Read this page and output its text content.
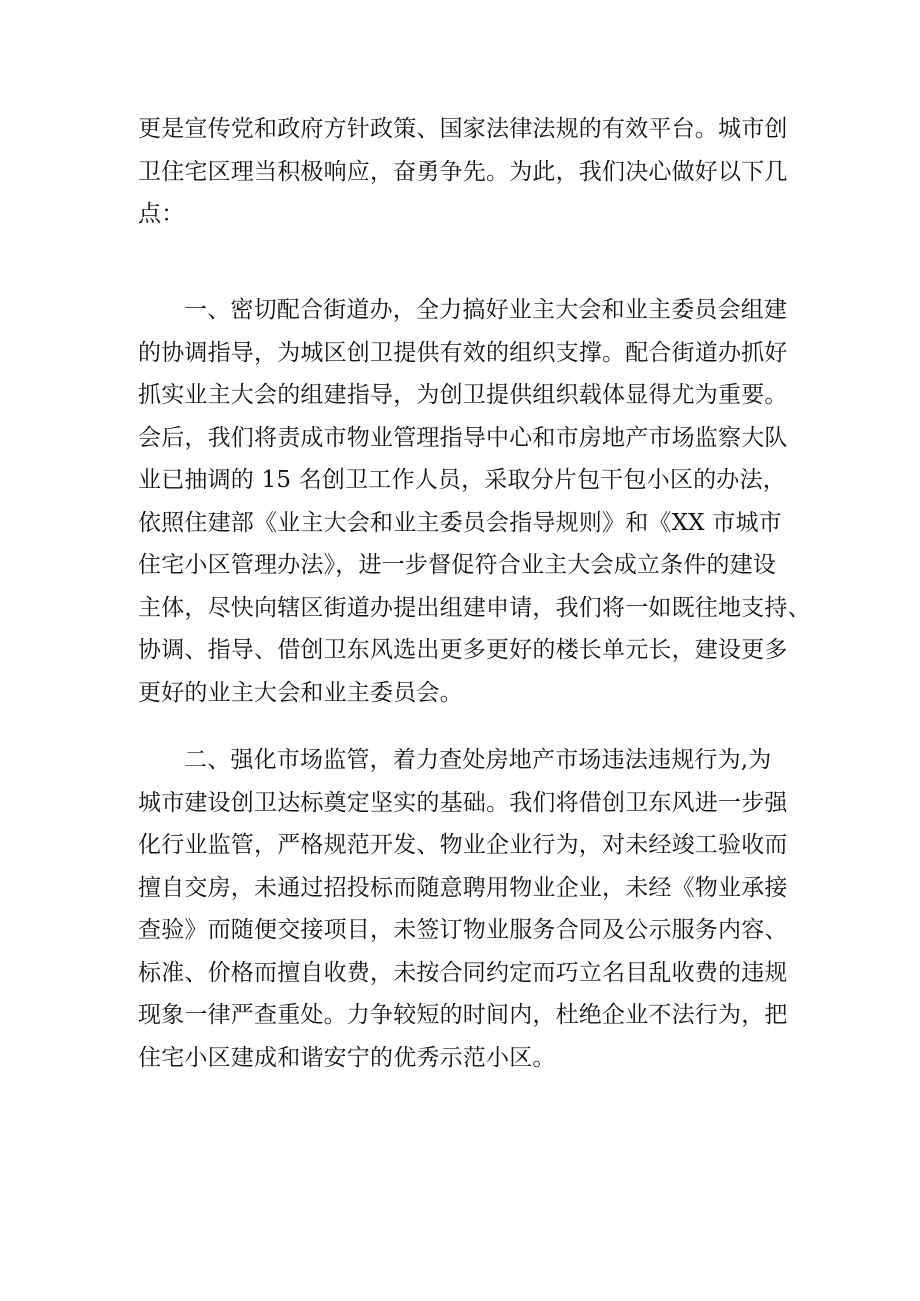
更是宣传党和政府方针政策、国家法律法规的有效平台。城市创
卫住宅区理当积极响应，奋勇争先。为此，我们决心做好以下几
点：
一、密切配合街道办，全力搞好业主大会和业主委员会组建
的协调指导，为城区创卫提供有效的组织支撑。配合街道办抓好
抓实业主大会的组建指导，为创卫提供组织载体显得尤为重要。
会后，我们将责成市物业管理指导中心和市房地产市场监察大队
业已抽调的 15 名创卫工作人员，采取分片包干包小区的办法，
依照住建部《业主大会和业主委员会指导规则》和《XX 市城市
住宅小区管理办法》，进一步督促符合业主大会成立条件的建设
主体，尽快向辖区街道办提出组建申请，我们将一如既往地支持、
协调、指导、借创卫东风选出更多更好的楼长单元长，建设更多
更好的业主大会和业主委员会。
二、强化市场监管，着力查处房地产市场违法违规行为,为
城市建设创卫达标奠定坚实的基础。我们将借创卫东风进一步强
化行业监管，严格规范开发、物业企业行为，对未经竣工验收而
擅自交房，未通过招投标而随意聘用物业企业，未经《物业承接
查验》而随便交接项目，未签订物业服务合同及公示服务内容、
标准、价格而擅自收费，未按合同约定而巧立名目乱收费的违规
现象一律严查重处。力争较短的时间内，杜绝企业不法行为，把
住宅小区建成和谐安宁的优秀示范小区。
